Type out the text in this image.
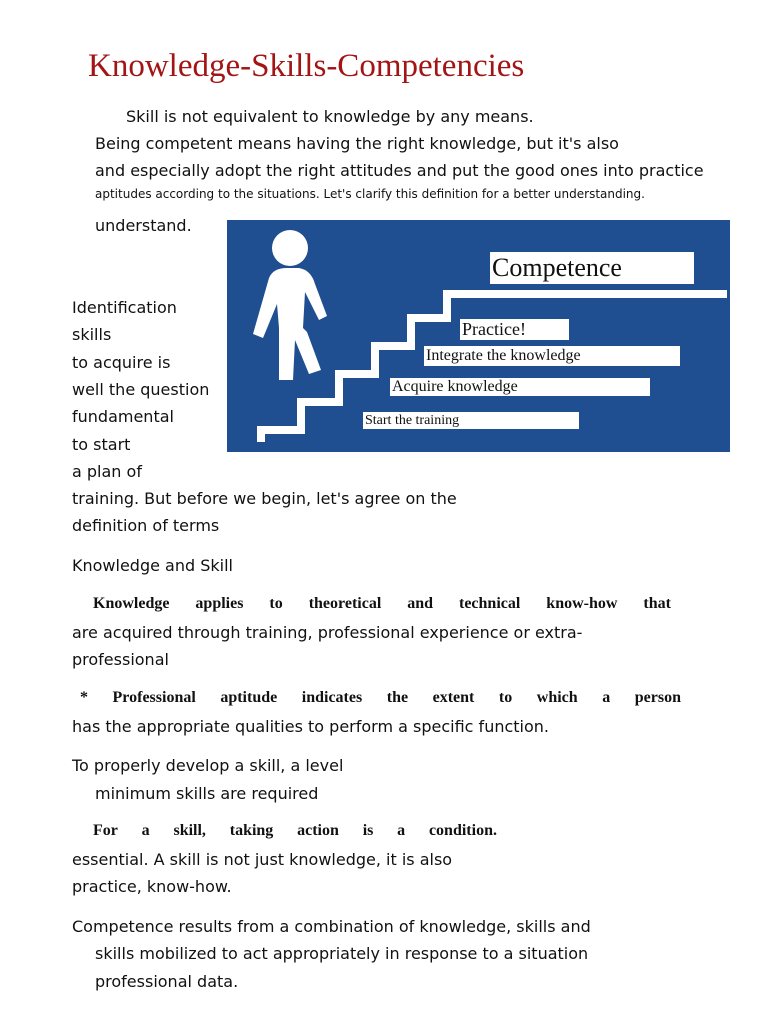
Knowledge-Skills-Competencies
Skill is not equivalent to knowledge by any means.
Being competent means having the right knowledge, but it's also
and especially adopt the right attitudes and put the good ones into practice
aptitudes according to the situations. Let's clarify this definition for a better understanding.
understand.
Identification
skills
to acquire is
well the question
fundamental
to start
a plan of
training. But before we begin, let's agree on the
definition of terms
Competence
Practice!
Integrate the knowledge
Acquire knowledge
Start the training
Knowledge and Skill
Knowledge applies to theoretical and technical know-how that
are acquired through training, professional experience or extra-
professional
* Professional aptitude indicates the extent to which a person
has the appropriate qualities to perform a specific function.
To properly develop a skill, a level
minimum skills are required
For a skill, taking action is a condition.
essential. A skill is not just knowledge, it is also
practice, know-how.
Competence results from a combination of knowledge, skills and
skills mobilized to act appropriately in response to a situation
professional data.
